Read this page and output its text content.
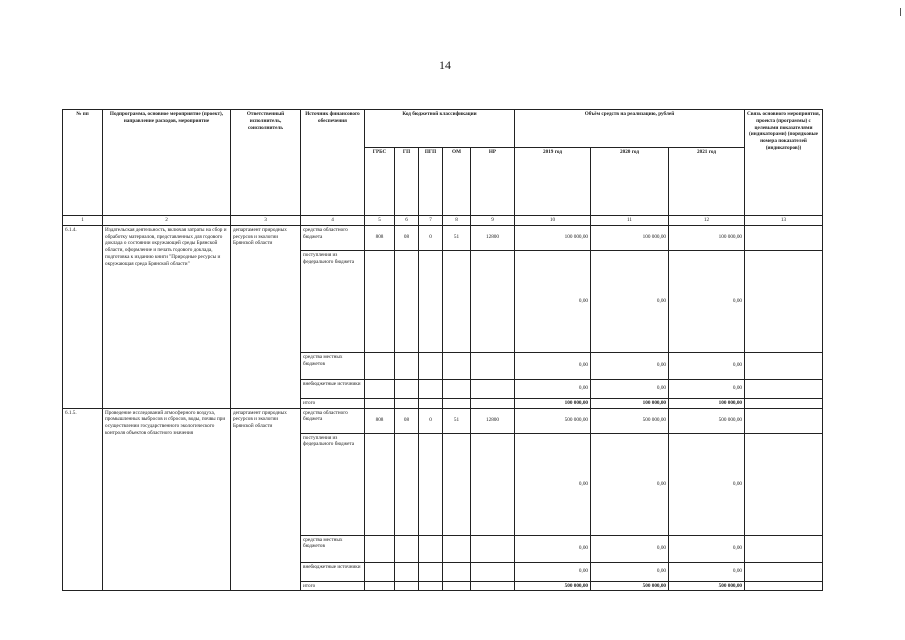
14
№ пп	Подпрограмма, основное мероприятие (проект), направление расходов, мероприятие	Ответственный исполнитель, соисполнитель	Источник финансового обеспечения	Код бюджетной классификации					Объём средств на реализацию, рублей			Связь основного мероприятия, проекта (программы) с целевыми показателями (индикаторами) (порядковые номера показателей (индикаторов))
				ГРБС	ГП	ПГП	ОМ	НР	2019 год	2020 год	2021 год	
1	2	3	4	5	6	7	8	9	10	11	12	13
6.1.4.	Издательская деятельность, включая затраты на сбор и обработку материалов, представленных для годового доклада о состоянии окружающей среды Брянской области, оформление и печать годового доклада, подготовка к изданию книги "Природные ресурсы и окружающая среда Брянской области"	департамент природных ресурсов и экологии Брянской области	средства областного бюджета	808	08	0	51	12800	100 000,00	100 000,00	100 000,00	
			поступления из федерального бюджета						0,00	0,00	0,00	
			средства местных бюджетов						0,00	0,00	0,00	
			внебюджетные источники						0,00	0,00	0,00	
			итого						100 000,00	100 000,00	100 000,00	
6.1.5.	Проведение исследований атмосферного воздуха, промышленных выбросов и сбросов, воды, почвы при осуществлении государственного экологического контроля объектов областного значения	департамент природных ресурсов и экологии Брянской области	средства областного бюджета	808	08	0	51	12800	500 000,00	500 000,00	500 000,00	
			поступления из федерального бюджета						0,00	0,00	0,00	
			средства местных бюджетов						0,00	0,00	0,00	
			внебюджетные источники						0,00	0,00	0,00	
			итого						500 000,00	500 000,00	500 000,00	
